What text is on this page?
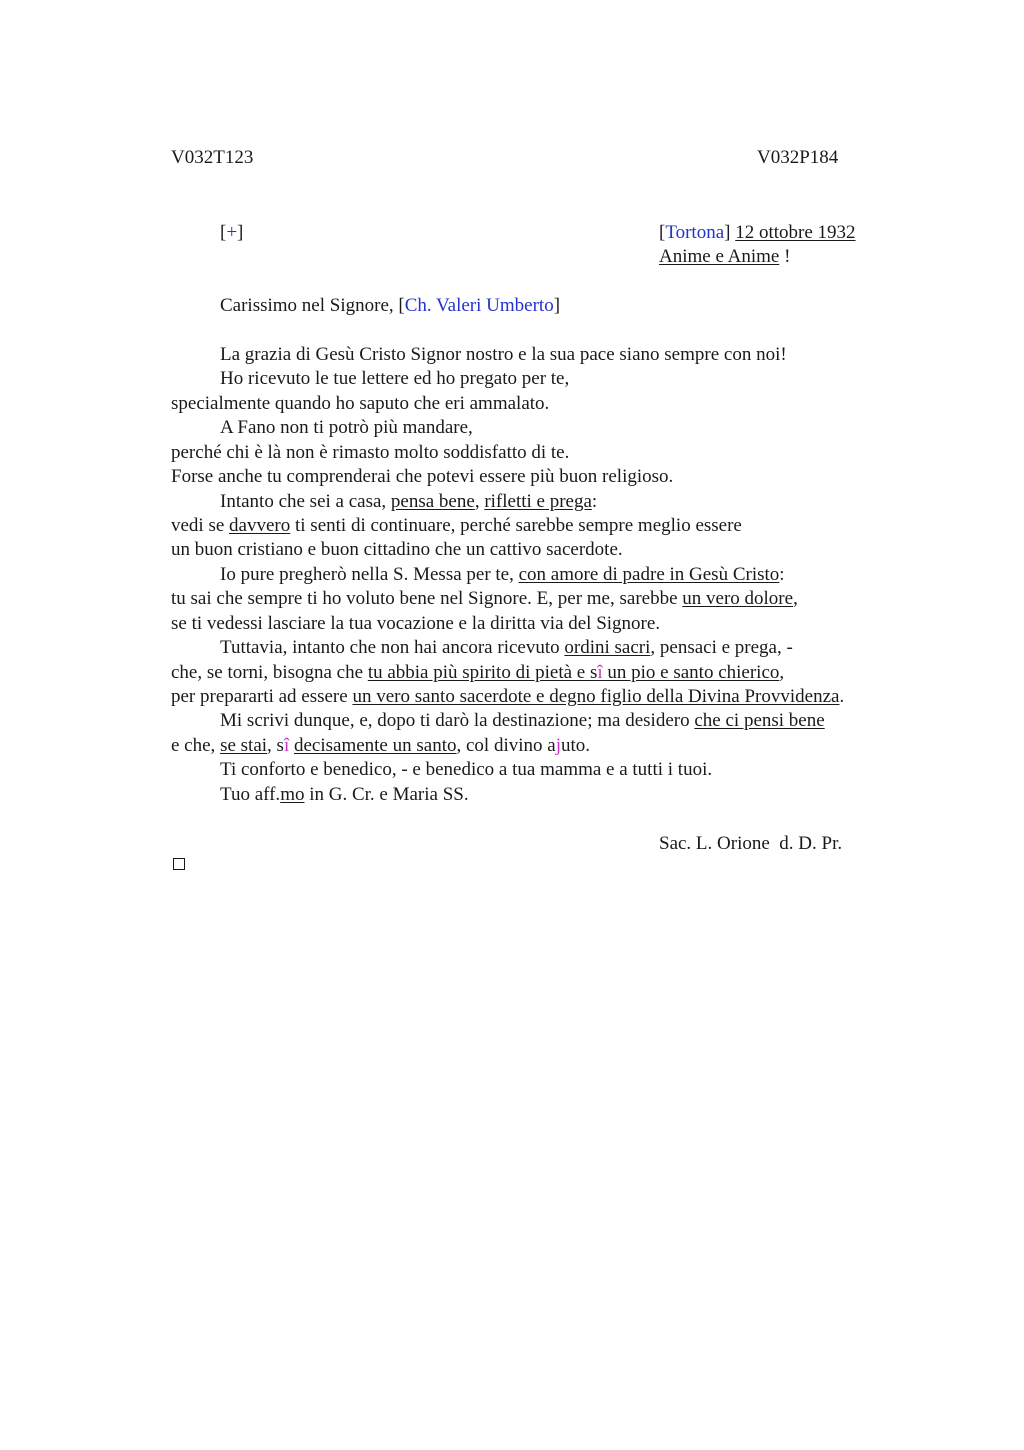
V032T123	V032P184
[+]	[Tortona] 12 ottobre 1932
Anime e Anime !
Carissimo nel Signore, [Ch. Valeri Umberto]
La grazia di Gesù Cristo Signor nostro e la sua pace siano sempre con noi!
Ho ricevuto le tue lettere ed ho pregato per te,
specialmente quando ho saputo che eri ammalato.
A Fano non ti potrò più mandare,
perché chi è là non è rimasto molto soddisfatto di te.
Forse anche tu comprenderai che potevi essere più buon religioso.
Intanto che sei a casa, pensa bene, rifletti e prega:
vedi se davvero ti senti di continuare, perché sarebbe sempre meglio essere
un buon cristiano e buon cittadino che un cattivo sacerdote.
Io pure pregherò nella S. Messa per te, con amore di padre in Gesù Cristo:
tu sai che sempre ti ho voluto bene nel Signore. E, per me, sarebbe un vero dolore,
se ti vedessi lasciare la tua vocazione e la diritta via del Signore.
Tuttavia, intanto che non hai ancora ricevuto ordini sacri, pensaci e prega, -
che, se torni, bisogna che tu abbia più spirito di pietà e sî un pio e santo chierico,
per prepararti ad essere un vero santo sacerdote e degno figlio della Divina Provvidenza.
Mi scrivi dunque, e, dopo ti darò la destinazione; ma desidero che ci pensi bene
e che, se stai, sî decisamente un santo, col divino ajuto.
Ti conforto e benedico, - e benedico a tua mamma e a tutti i tuoi.
Tuo aff.mo in G. Cr. e Maria SS.
Sac. L. Orione  d. D. Pr.
